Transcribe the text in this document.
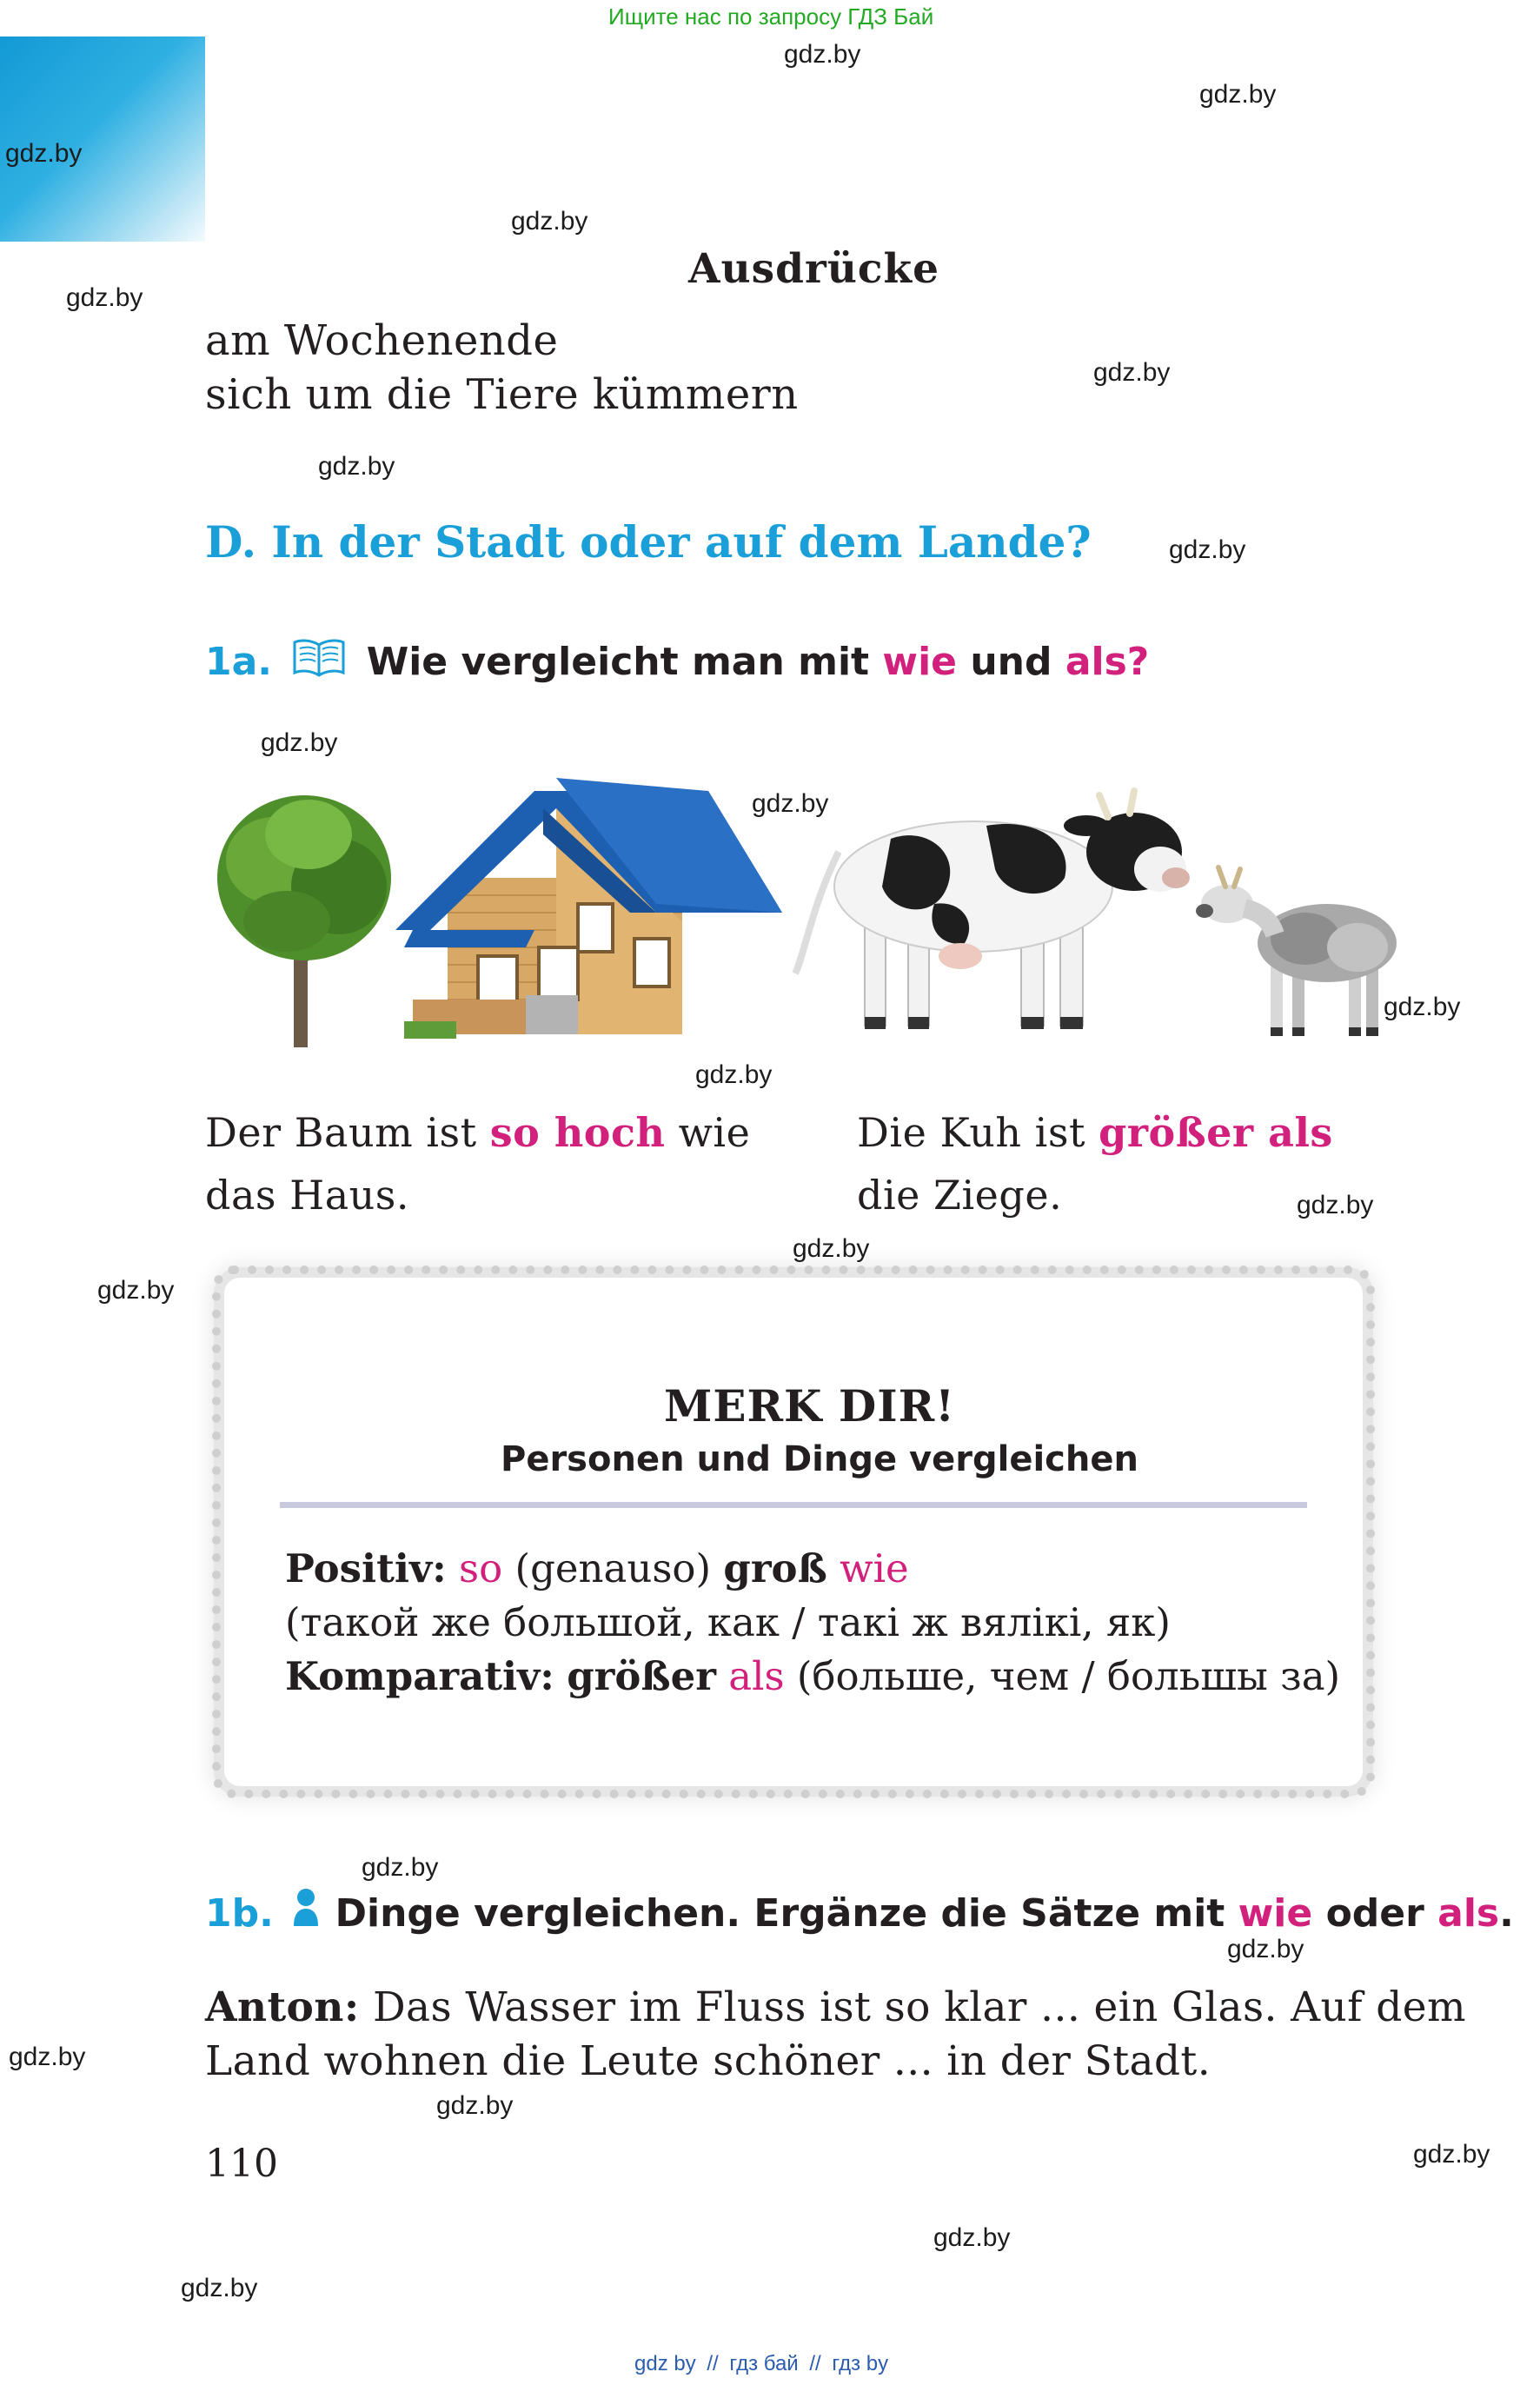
Ищите нас по запросу ГДЗ Бай
gdz.by
gdz.by
gdz.by
gdz.by
gdz.by
gdz.by
gdz.by
gdz.by
gdz.by
gdz.by
gdz.by
gdz.by
gdz.by
gdz.by
gdz.by
gdz.by
gdz.by
gdz.by
gdz.by
gdz.by
gdz.by
gdz.by
Ausdrücke
am Wochenende
sich um die Tiere kümmern
D. In der Stadt oder auf dem Lande?
1a. Wie vergleicht man mit wie und als?
Der Baum ist so hoch wie
das Haus.
Die Kuh ist größer als
die Ziege.
MERK DIR!
Personen und Dinge vergleichen
Positiv: so (genauso) groß wie
(такой же большой, как / такі ж вялікі, як)
Komparativ: größer als (больше, чем / большы за)
1b. Dinge vergleichen. Ergänze die Sätze mit wie oder als.
Anton: Das Wasser im Fluss ist so klar ... ein Glas. Auf dem
Land wohnen die Leute schöner ... in der Stadt.
110
gdz by // гдз бай // гдз by
